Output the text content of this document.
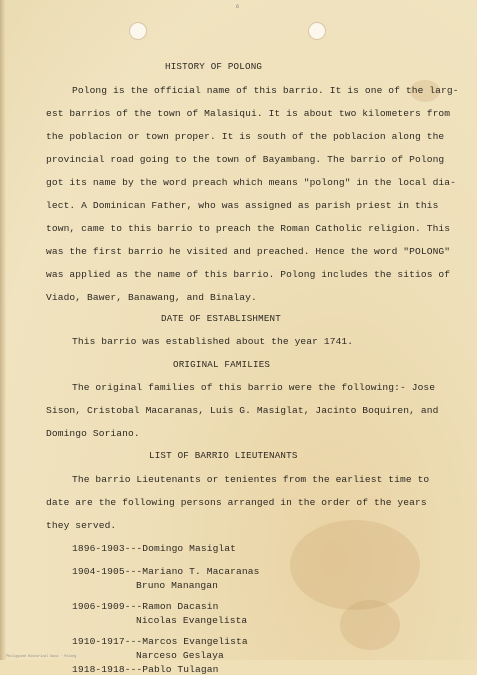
6
HISTORY OF POLONG
Polong is the official name of this barrio. It is one of the larg-
est barrios of the town of Malasiqui. It is about two kilometers from
the poblacion or town proper. It is south of the poblacion along the
provincial road going to the town of Bayambang. The barrio of Polong
got its name by the word preach which means "polong" in the local dia-
lect. A Dominican Father, who was assigned as parish priest in this
town, came to this barrio to preach the Roman Catholic religion. This
was the first barrio he visited and preached. Hence the word "POLONG"
was applied as the name of this barrio. Polong includes the sitios of
Viado, Bawer, Banawang, and Binalay.
DATE OF ESTABLISHMENT
This barrio was established about the year 1741.
ORIGINAL FAMILIES
The original families of this barrio were the following:- Jose
Sison, Cristobal Macaranas, Luis G. Masiglat, Jacinto Boquiren, and
Domingo Soriano.
LIST OF BARRIO LIEUTENANTS
The barrio Lieutenants or tenientes from the earliest time to
date are the following persons arranged in the order of the years
they served.
1896-1903---Domingo Masiglat
1904-1905---Mariano T. Macaranas
Bruno Manangan
1906-1909---Ramon Dacasin
Nicolas Evangelista
1910-1917---Marcos Evangelista
Narceso Geslaya
1918-1918---Pablo Tulagan
Philippine Historical Data · Polong
